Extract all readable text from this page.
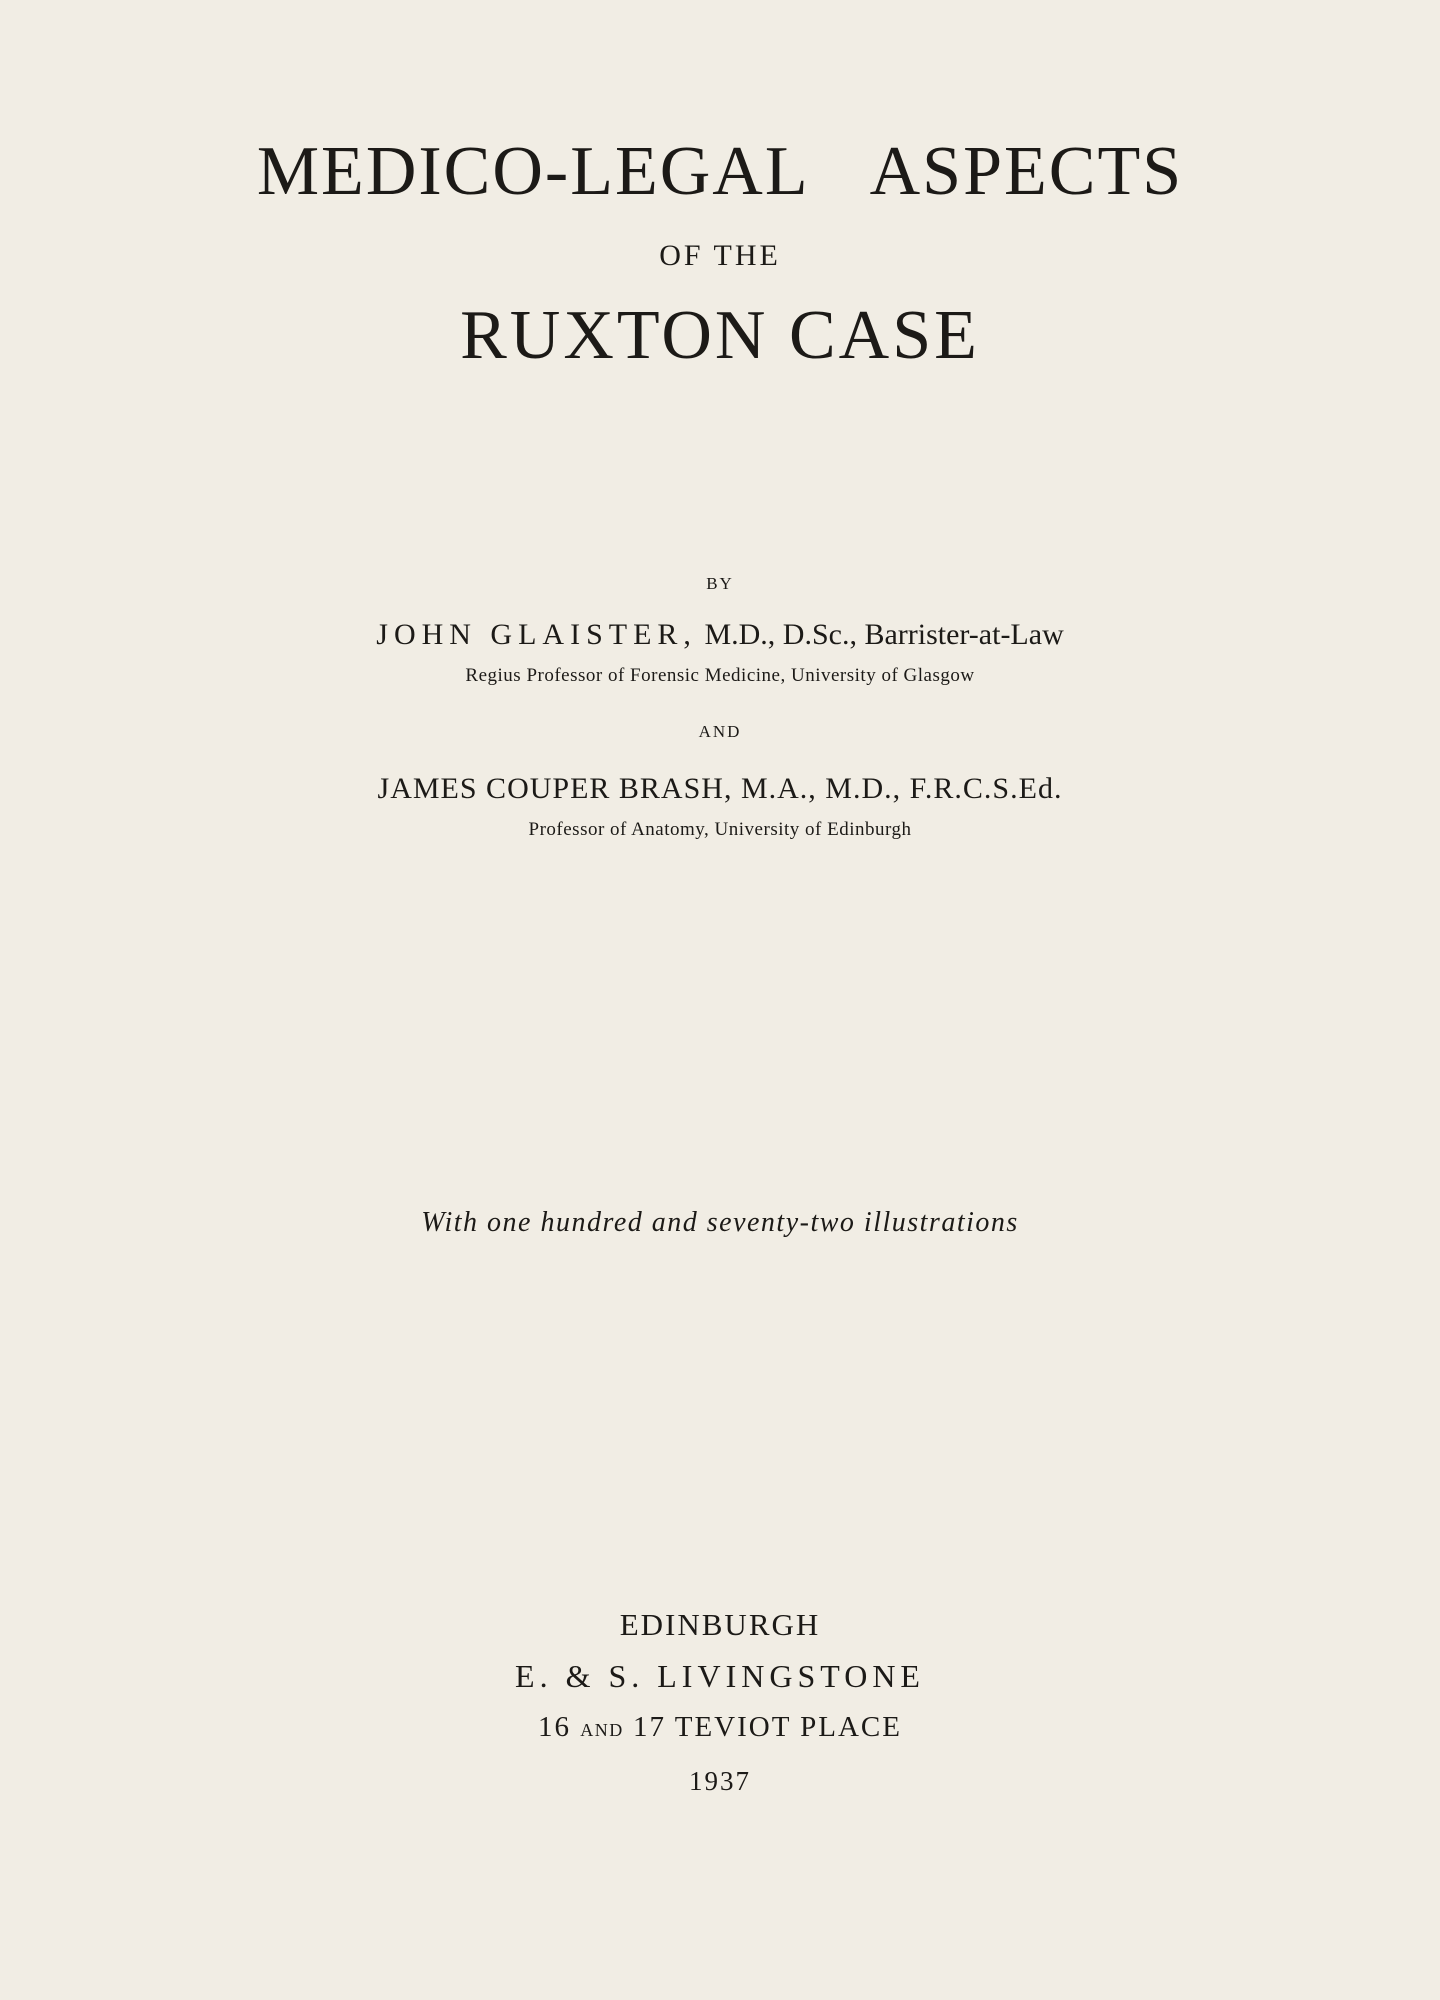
MEDICO-LEGAL ASPECTS
OF THE
RUXTON CASE
BY
JOHN GLAISTER, M.D., D.Sc., Barrister-at-Law
Regius Professor of Forensic Medicine, University of Glasgow
AND
JAMES COUPER BRASH, M.A., M.D., F.R.C.S.Ed.
Professor of Anatomy, University of Edinburgh
With one hundred and seventy-two illustrations
EDINBURGH
E. & S. LIVINGSTONE
16 AND 17 TEVIOT PLACE
1937
